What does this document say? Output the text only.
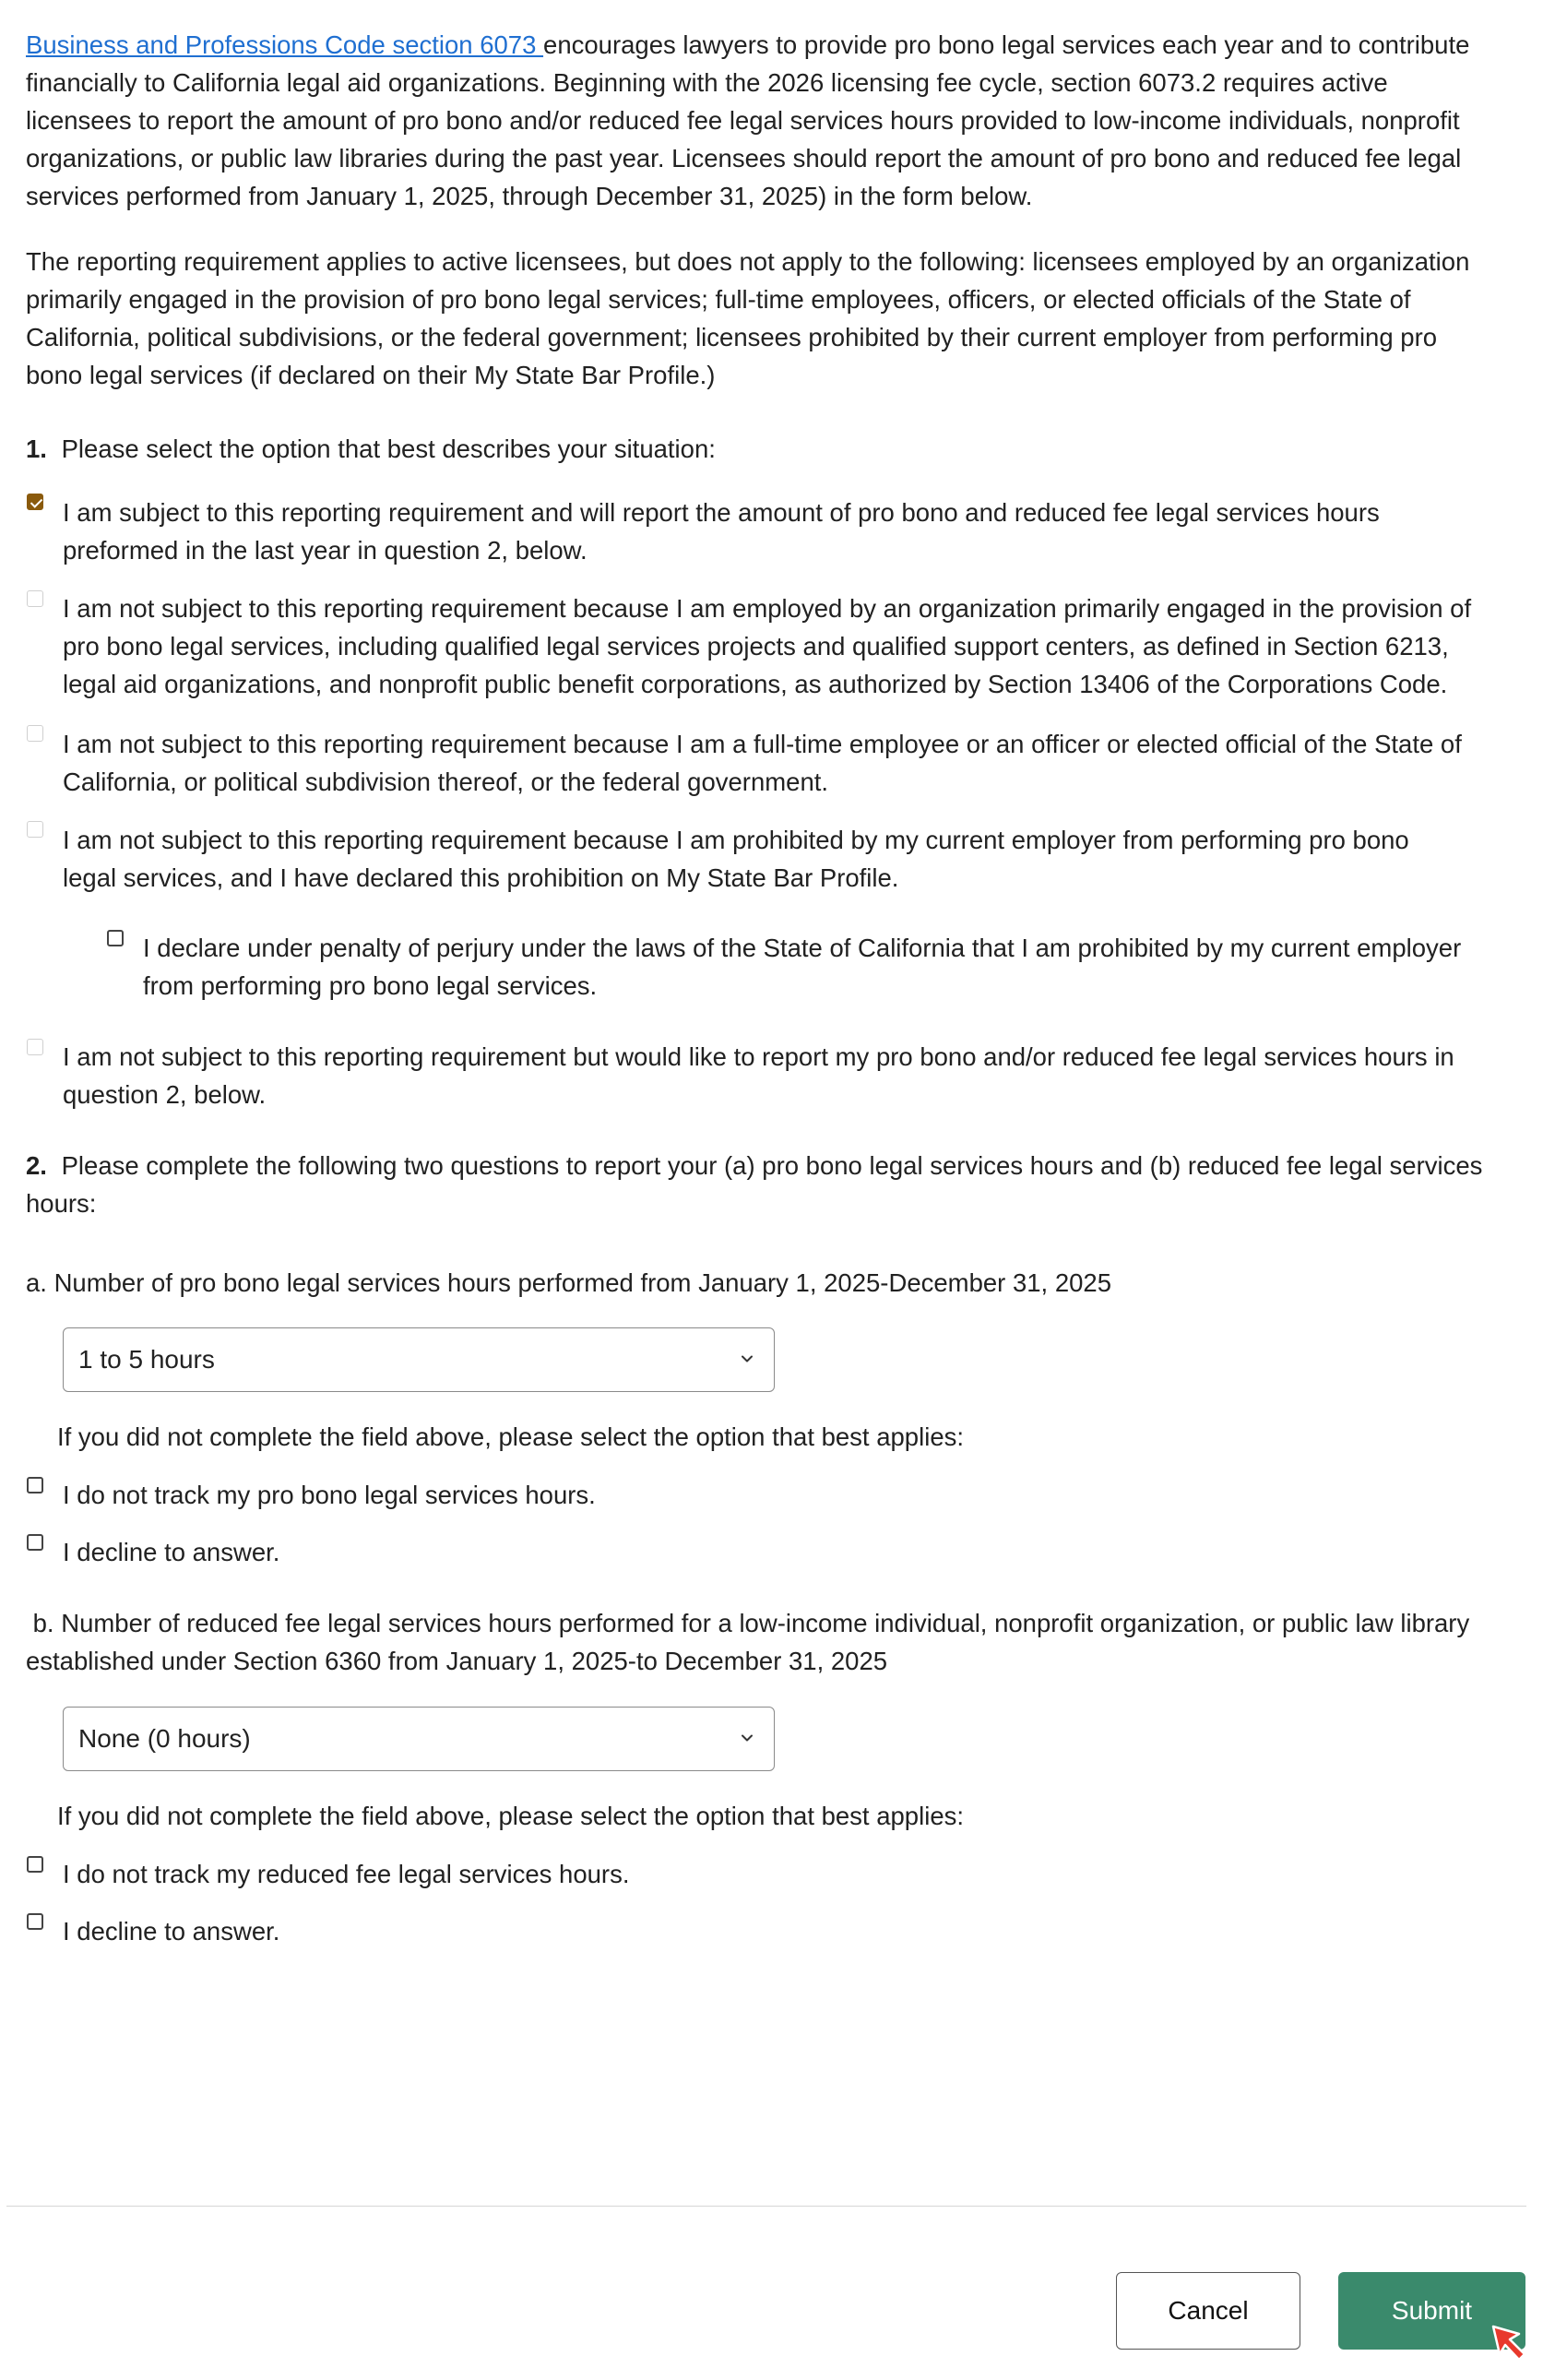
Business and Professions Code section 6073 encourages lawyers to provide pro bono legal services each year and to contribute
financially to California legal aid organizations. Beginning with the 2026 licensing fee cycle, section 6073.2 requires active
licensees to report the amount of pro bono and/or reduced fee legal services hours provided to low-income individuals, nonprofit
organizations, or public law libraries during the past year. Licensees should report the amount of pro bono and reduced fee legal
services performed from January 1, 2025, through December 31, 2025) in the form below.
The reporting requirement applies to active licensees, but does not apply to the following: licensees employed by an organization
primarily engaged in the provision of pro bono legal services; full-time employees, officers, or elected officials of the State of
California, political subdivisions, or the federal government; licensees prohibited by their current employer from performing pro
bono legal services (if declared on their My State Bar Profile.)
1. Please select the option that best describes your situation:
I am subject to this reporting requirement and will report the amount of pro bono and reduced fee legal services hours
preformed in the last year in question 2, below.
I am not subject to this reporting requirement because I am employed by an organization primarily engaged in the provision of
pro bono legal services, including qualified legal services projects and qualified support centers, as defined in Section 6213,
legal aid organizations, and nonprofit public benefit corporations, as authorized by Section 13406 of the Corporations Code.
I am not subject to this reporting requirement because I am a full-time employee or an officer or elected official of the State of
California, or political subdivision thereof, or the federal government.
I am not subject to this reporting requirement because I am prohibited by my current employer from performing pro bono
legal services, and I have declared this prohibition on My State Bar Profile.
I declare under penalty of perjury under the laws of the State of California that I am prohibited by my current employer
from performing pro bono legal services.
I am not subject to this reporting requirement but would like to report my pro bono and/or reduced fee legal services hours in
question 2, below.
2. Please complete the following two questions to report your (a) pro bono legal services hours and (b) reduced fee legal services
hours:
a. Number of pro bono legal services hours performed from January 1, 2025-December 31, 2025
1 to 5 hours
If you did not complete the field above, please select the option that best applies:
I do not track my pro bono legal services hours.
I decline to answer.
b. Number of reduced fee legal services hours performed for a low-income individual, nonprofit organization, or public law library
established under Section 6360 from January 1, 2025-to December 31, 2025
None (0 hours)
If you did not complete the field above, please select the option that best applies:
I do not track my reduced fee legal services hours.
I decline to answer.
Cancel	Submit
